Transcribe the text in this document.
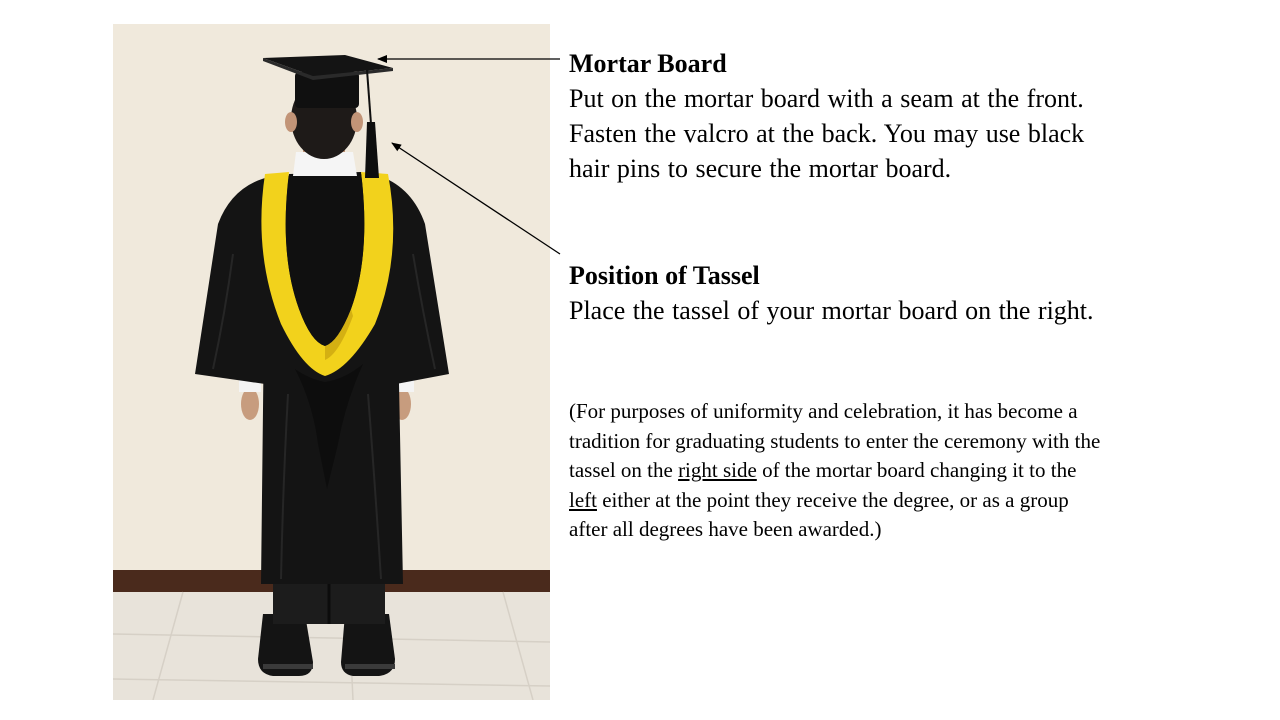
Mortar Board

Put on the mortar board with a seam at the front. Fasten the valcro at the back. You may use black hair pins to secure the mortar board.

Position of Tassel

Place the tassel of your mortar board on the right.

(For purposes of uniformity and celebration, it has become a tradition for graduating students to enter the ceremony with the tassel on the right side of the mortar board changing it to the left either at the point they receive the degree, or as a group after all degrees have been awarded.)
